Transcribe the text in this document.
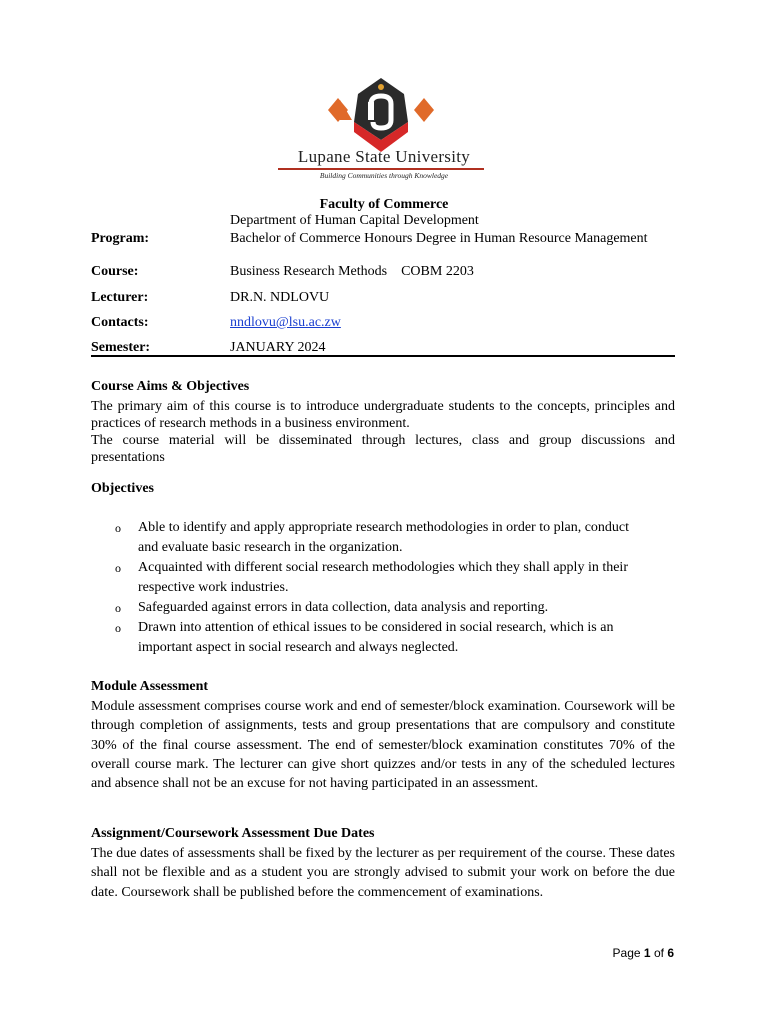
Lupane State University
Building Communities through Knowledge
Faculty of Commerce
Department of Human Capital Development
Program:	Bachelor of Commerce Honours Degree in Human Resource Management
Course:	Business Research Methods    COBM 2203
Lecturer:	DR.N. NDLOVU
Contacts:	nndlovu@lsu.ac.zw
Semester:	JANUARY 2024
Course Aims & Objectives

The primary aim of this course is to introduce undergraduate students to the concepts, principles and practices of research methods in a business environment.

The course material will be disseminated through lectures, class and group discussions and presentations

Objectives
o Able to identify and apply appropriate research methodologies in order to plan, conduct and evaluate basic research in the organization.
o Acquainted with different social research methodologies which they shall apply in their respective work industries.
o Safeguarded against errors in data collection, data analysis and reporting.
o Drawn into attention of ethical issues to be considered in social research, which is an important aspect in social research and always neglected.
Module Assessment
Module assessment comprises course work and end of semester/block examination. Coursework will be through completion of assignments, tests and group presentations that are compulsory and constitute 30% of the final course assessment. The end of semester/block examination constitutes 70% of the overall course mark. The lecturer can give short quizzes and/or tests in any of the scheduled lectures and absence shall not be an excuse for not having participated in an assessment.
Assignment/Coursework Assessment Due Dates
The due dates of assessments shall be fixed by the lecturer as per requirement of the course. These dates shall not be flexible and as a student you are strongly advised to submit your work on before the due date. Coursework shall be published before the commencement of examinations.
Page 1 of 6
